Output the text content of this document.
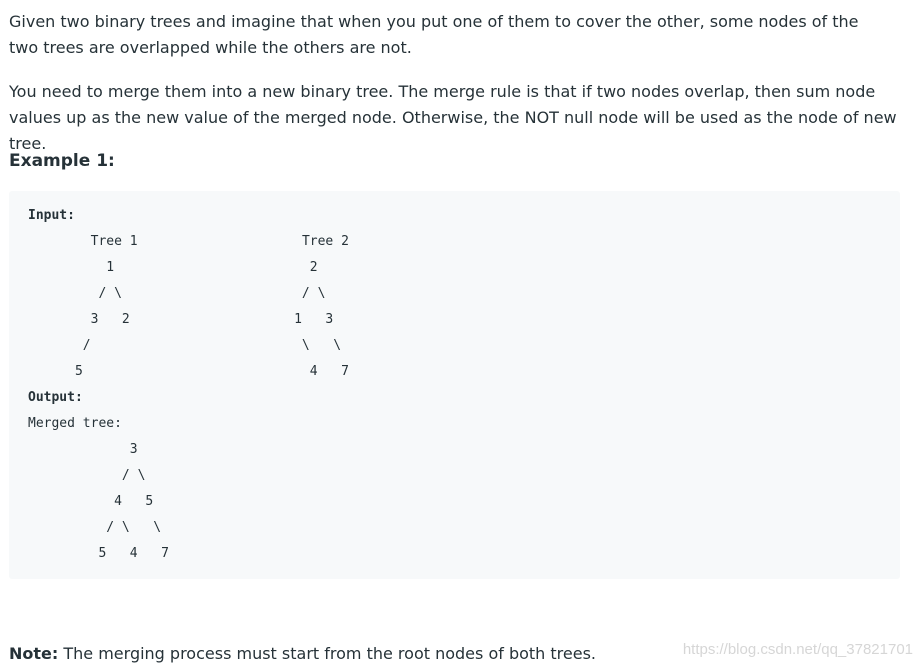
Given two binary trees and imagine that when you put one of them to cover the other, some nodes of the two trees are overlapped while the others are not.

You need to merge them into a new binary tree. The merge rule is that if two nodes overlap, then sum node values up as the new value of the merged node. Otherwise, the NOT null node will be used as the node of new tree.

Example 1:

Input:
	Tree 1                     Tree 2
1                         2
/ \                       / \
3   2                     1   3
/                           \   \
5                             4   7
Output:
Merged tree:
	3
	/ \
	4   5
	/ \   \
	5   4   7

Note: The merging process must start from the root nodes of both trees.	https://blog.csdn.net/qq_37821701
